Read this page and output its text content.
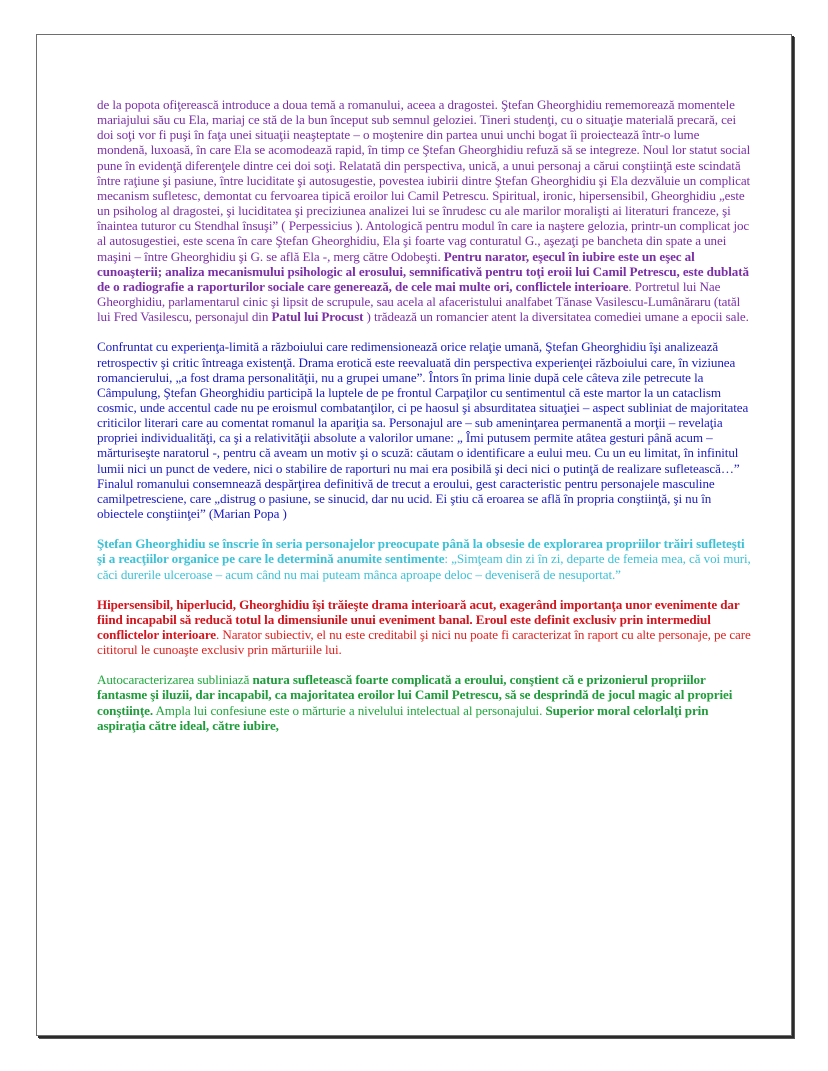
de la popota ofiţerească introduce a doua temă a romanului, aceea a dragostei. Ştefan Gheorghidiu rememorează momentele mariajului său cu Ela, mariaj ce stă de la bun început sub semnul geloziei. Tineri studenţi, cu o situaţie materială precară, cei doi soţi vor fi puşi în faţa unei situaţii neaşteptate – o moştenire din partea unui unchi bogat îi proiectează într-o lume mondenă, luxoasă, în care Ela se acomodează rapid, în timp ce Ştefan Gheorghidiu refuză să se integreze. Noul lor statut social pune în evidenţă diferenţele dintre cei doi soţi. Relatată din perspectiva, unică, a unui personaj a cărui conştiinţă este scindată între raţiune şi pasiune, între luciditate şi autosugestie, povestea iubirii dintre Ştefan Gheorghidiu şi Ela dezvăluie un complicat mecanism sufletesc, demontat cu fervoarea tipică eroilor lui Camil Petrescu. Spiritual, ironic, hipersensibil, Gheorghidiu „este un psiholog al dragostei, şi luciditatea şi preciziunea analizei lui se înrudesc cu ale marilor moralişti ai literaturi franceze, şi înaintea tuturor cu Stendhal însuşi” ( Perpessicius ). Antologică pentru modul în care ia naştere gelozia, printr-un complicat joc al autosugestiei, este scena în care Ştefan Gheorghidiu, Ela şi foarte vag conturatul G., aşezaţi pe bancheta din spate a unei maşini – între Gheorghidiu şi G. se află Ela -, merg către Odobeşti. Pentru narator, eşecul în iubire este un eşec al cunoaşterii; analiza mecanismului psihologic al erosului, semnificativă pentru toţi eroii lui Camil Petrescu, este dublată de o radiografie a raporturilor sociale care generează, de cele mai multe ori, conflictele interioare. Portretul lui Nae Gheorghidiu, parlamentarul cinic şi lipsit de scrupule, sau acela al afaceristului analfabet Tănase Vasilescu-Lumânăraru (tatăl lui Fred Vasilescu, personajul din Patul lui Procust ) trădează un romancier atent la diversitatea comediei umane a epocii sale.

Confruntat cu experienţa-limită a războiului care redimensionează orice relaţie umană, Ştefan Gheorghidiu îşi analizează retrospectiv şi critic întreaga existenţă. Drama erotică este reevaluată din perspectiva experienţei războiului care, în viziunea romancierului, „a fost drama personalităţii, nu a grupei umane”. Întors în prima linie după cele câteva zile petrecute la Câmpulung, Ştefan Gheorghidiu participă la luptele de pe frontul Carpaţilor cu sentimentul că este martor la un cataclism cosmic, unde accentul cade nu pe eroismul combatanţilor, ci pe haosul şi absurditatea situaţiei – aspect subliniat de majoritatea criticilor literari care au comentat romanul la apariţia sa. Personajul are – sub ameninţarea permanentă a morţii – revelaţia propriei individualităţi, ca şi a relativităţii absolute a valorilor umane: „ Îmi putusem permite atâtea gesturi până acum – mărturiseşte naratorul -, pentru că aveam un motiv şi o scuză: căutam o identificare a eului meu. Cu un eu limitat, în infinitul lumii nici un punct de vedere, nici o stabilire de raporturi nu mai era posibilă şi deci nici o putinţă de realizare sufletească…” Finalul romanului consemnează despărţirea definitivă de trecut a eroului, gest caracteristic pentru personajele masculine camilpetresciene, care „distrug o pasiune, se sinucid, dar nu ucid. Ei ştiu că eroarea se află în propria conştiinţă, şi nu în obiectele conştiinţei” (Marian Popa )

Ştefan Gheorghidiu se înscrie în seria personajelor preocupate până la obsesie de explorarea propriilor trăiri sufleteşti şi a reacţiilor organice pe care le determină anumite sentimente: „Simţeam din zi în zi, departe de femeia mea, că voi muri, căci durerile ulceroase – acum când nu mai puteam mânca aproape deloc – deveniseră de nesuportat.”

Hipersensibil, hiperlucid, Gheorghidiu îşi trăieşte drama interioară acut, exagerând importanţa unor evenimente dar fiind incapabil să reducă totul la dimensiunile unui eveniment banal. Eroul este definit exclusiv prin intermediul conflictelor interioare. Narator subiectiv, el nu este creditabil şi nici nu poate fi caracterizat în raport cu alte personaje, pe care cititorul le cunoaşte exclusiv prin mărturiile lui.

Autocaracterizarea subliniază natura sufletească foarte complicată a eroului, conştient că e prizonierul propriilor fantasme şi iluzii, dar incapabil, ca majoritatea eroilor lui Camil Petrescu, să se desprindă de jocul magic al propriei conştiinţe. Ampla lui confesiune este o mărturie a nivelului intelectual al personajului. Superior moral celorlalţi prin aspiraţia către ideal, către iubire,
